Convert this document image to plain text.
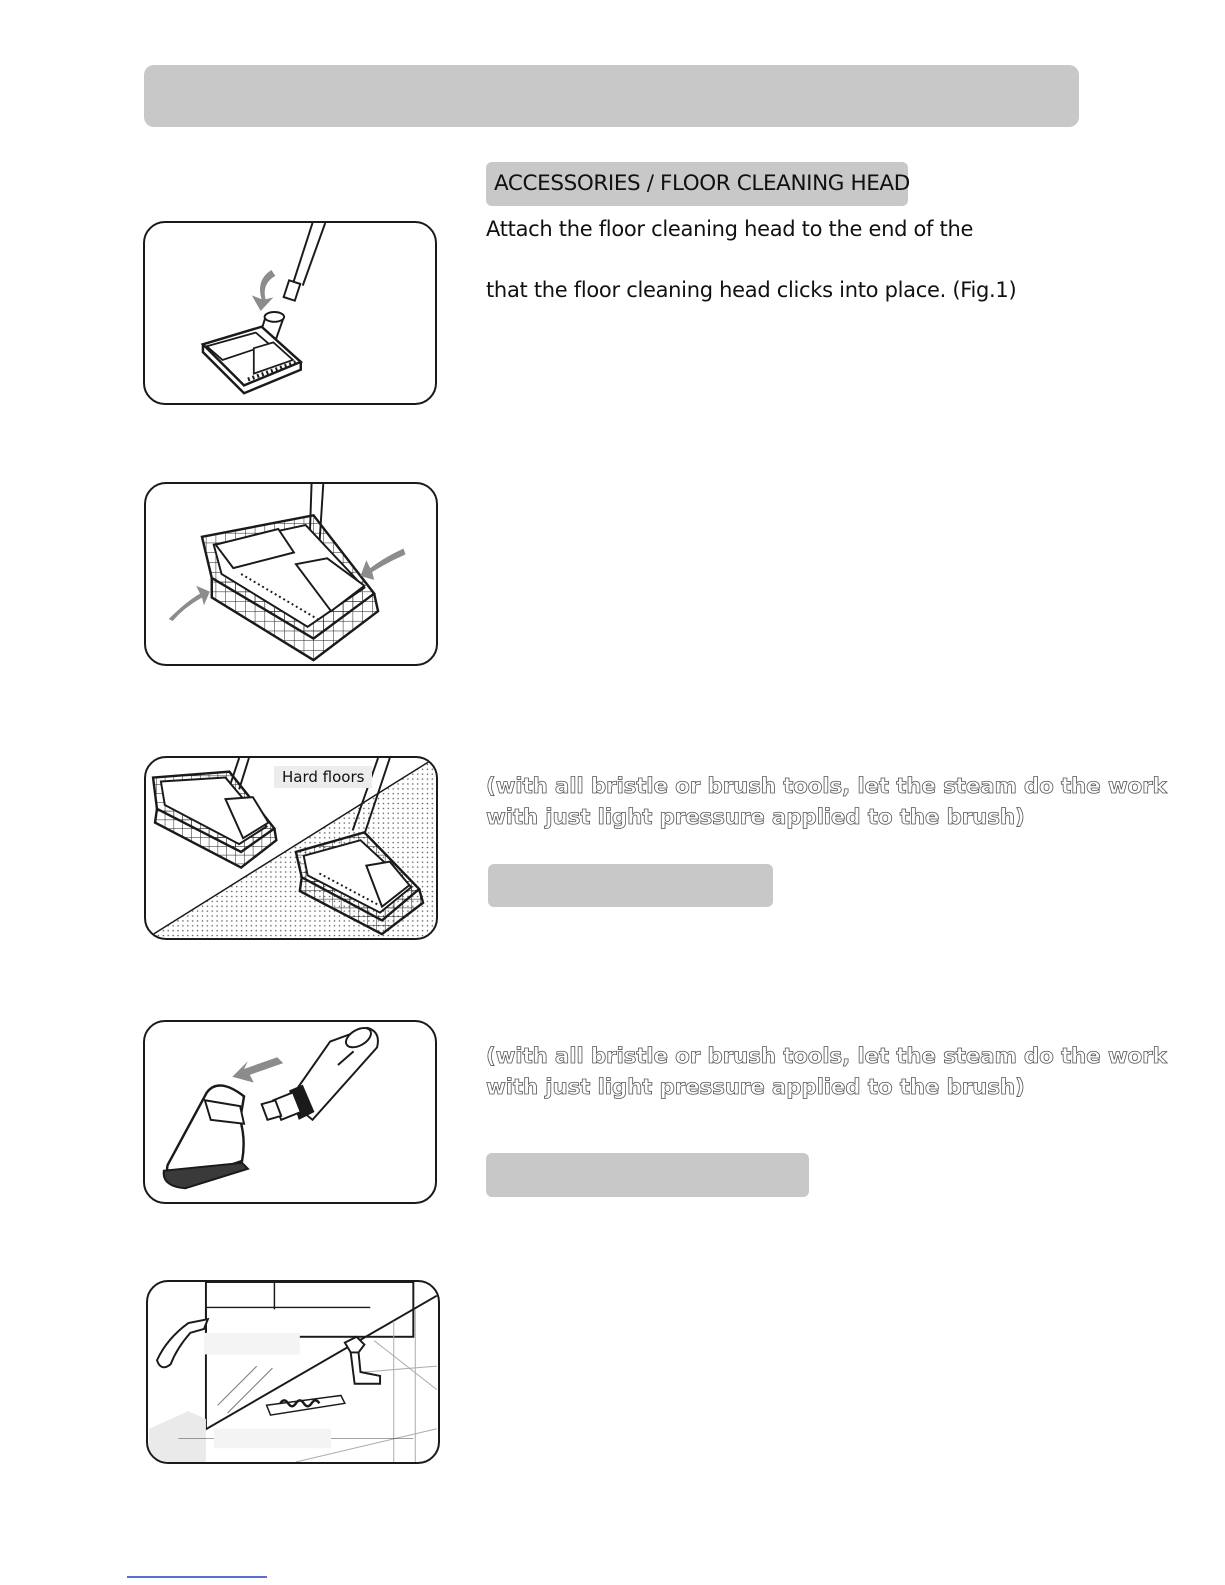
ACCESSORIES / FLOOR CLEANING HEAD
Attach the floor cleaning head to the end of the
that the floor cleaning head clicks into place. (Fig.1)
(with all bristle or brush tools, let the steam do the work
with just light pressure applied to the brush)
(with all bristle or brush tools, let the steam do the work
with just light pressure applied to the brush)
Hard floors
